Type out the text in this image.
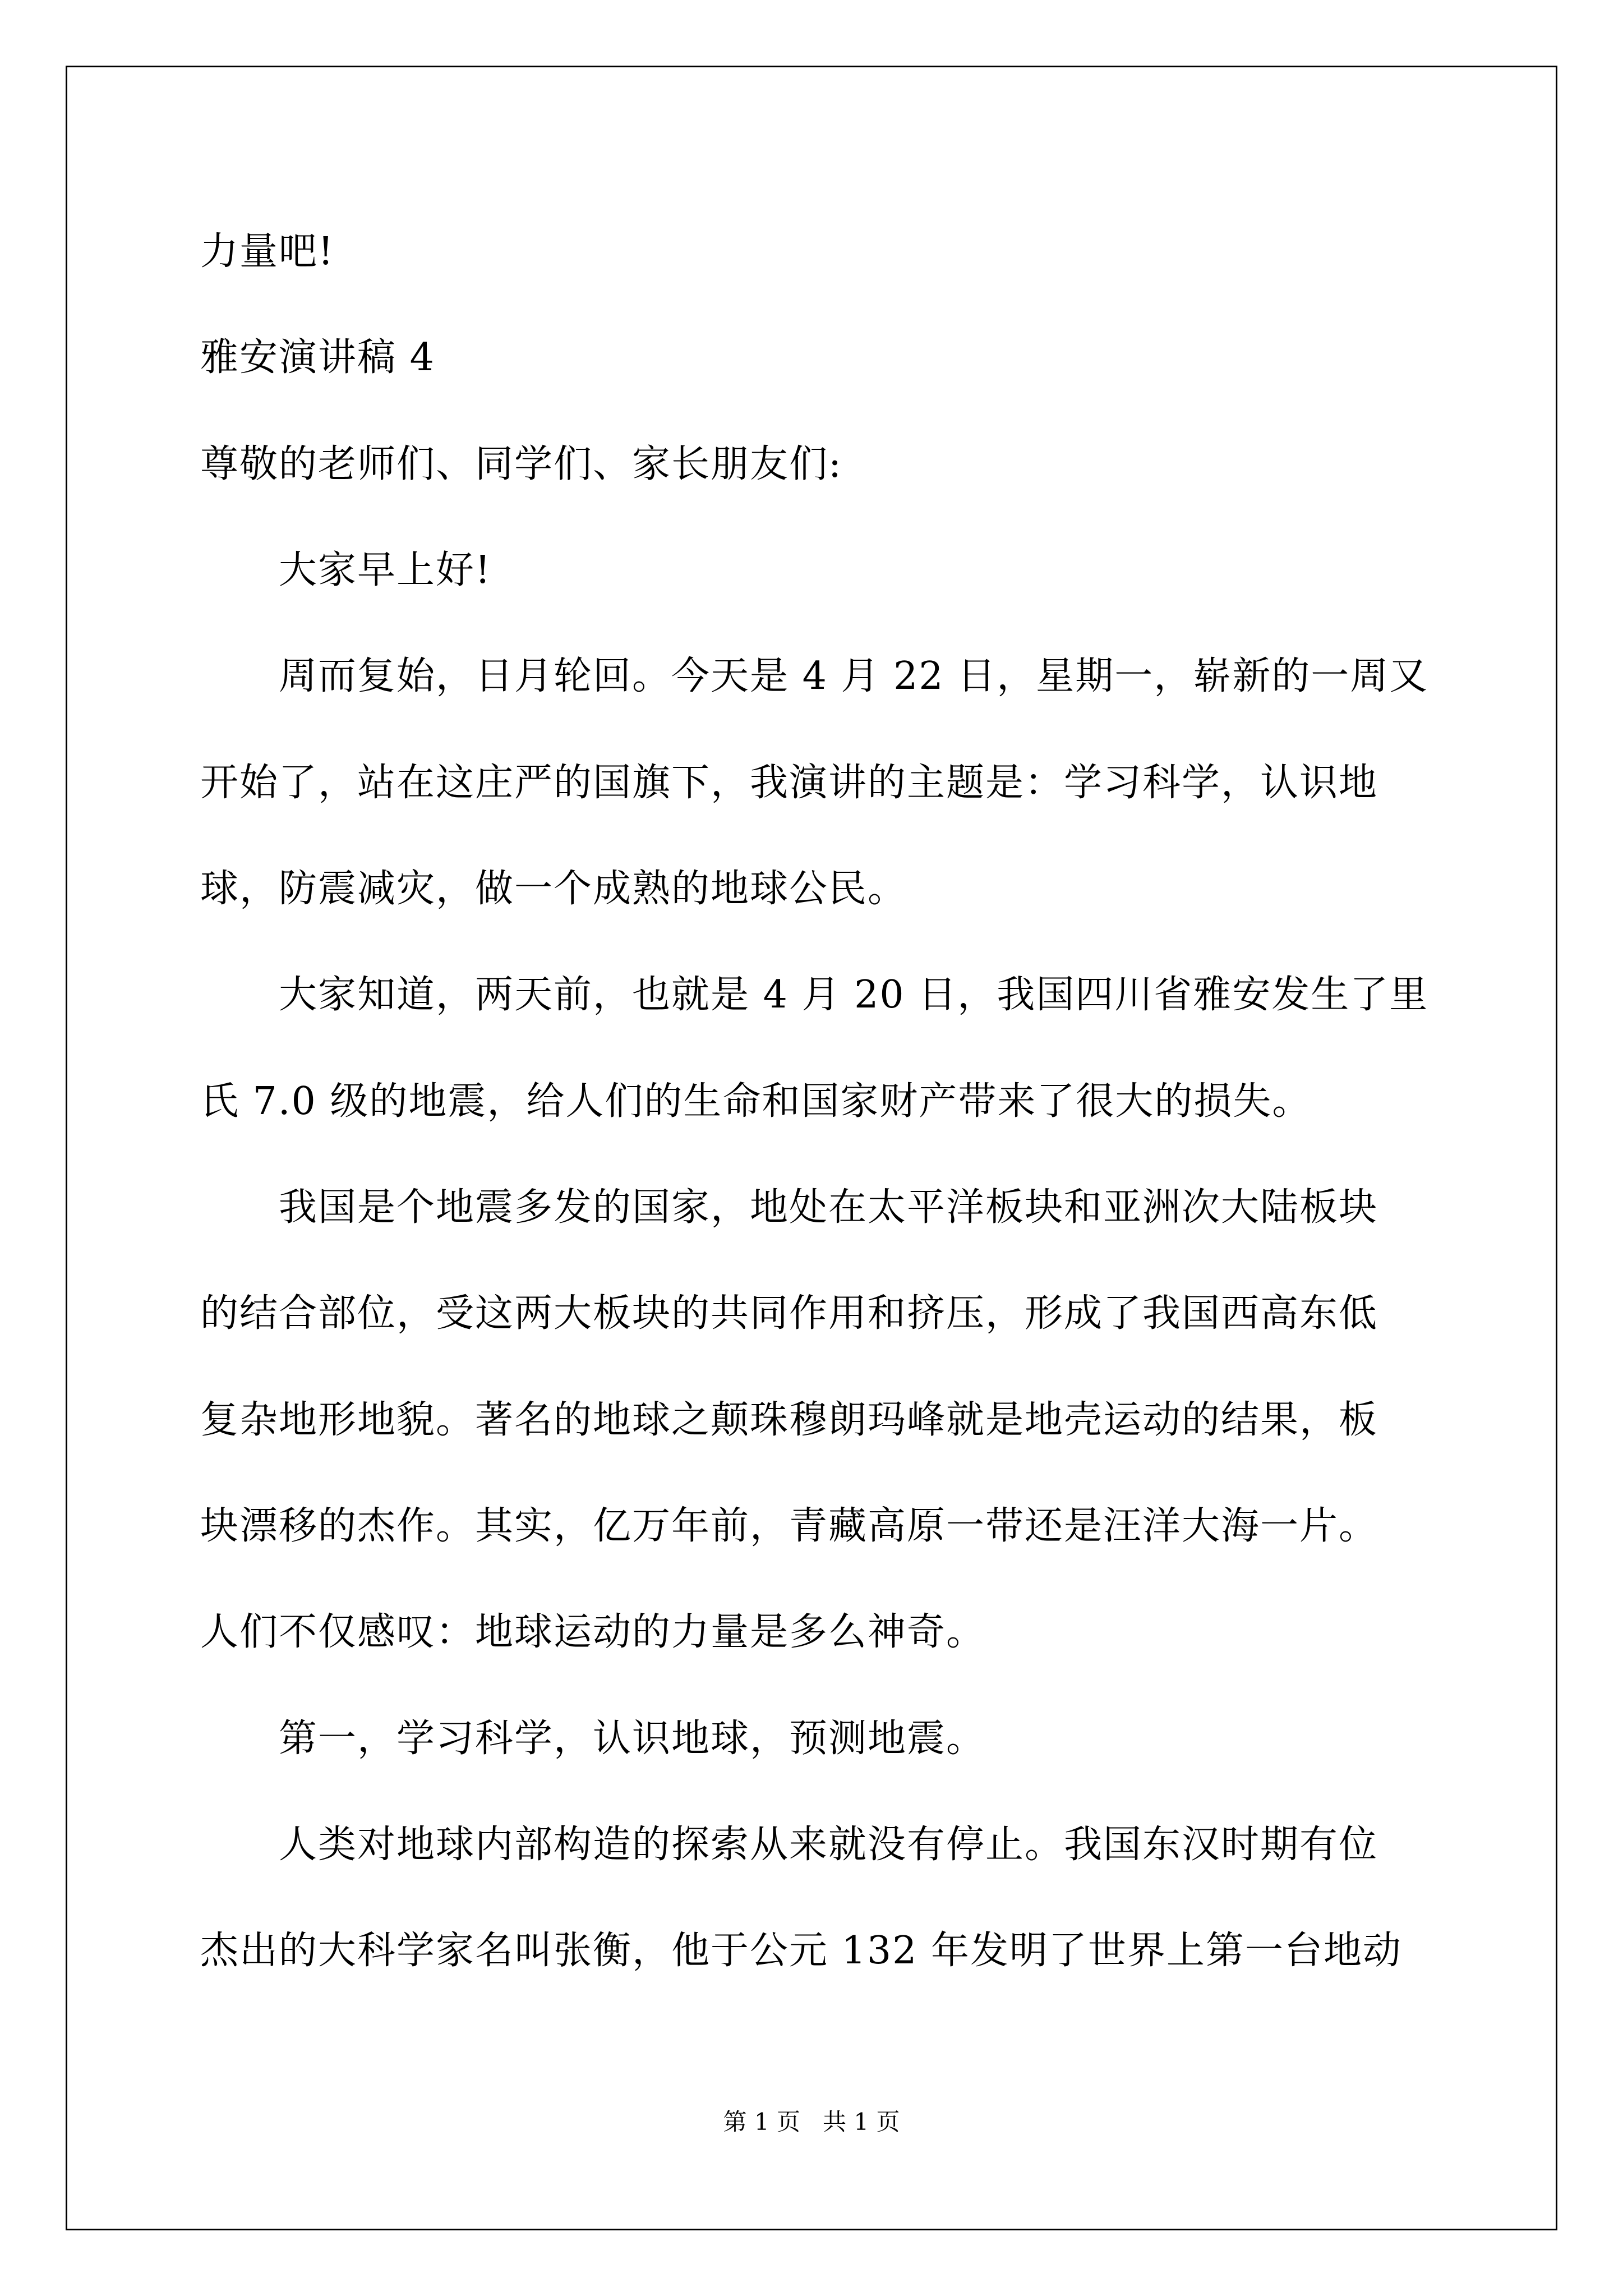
力量吧!
雅安演讲稿 4
尊敬的老师们、同学们、家长朋友们:
大家早上好!
周而复始，日月轮回。今天是 4 月 22 日，星期一，崭新的一周又
开始了，站在这庄严的国旗下，我演讲的主题是：学习科学，认识地
球，防震减灾，做一个成熟的地球公民。
大家知道，两天前，也就是 4 月 20 日，我国四川省雅安发生了里
氏 7.0 级的地震，给人们的生命和国家财产带来了很大的损失。
我国是个地震多发的国家，地处在太平洋板块和亚洲次大陆板块
的结合部位，受这两大板块的共同作用和挤压，形成了我国西高东低
复杂地形地貌。著名的地球之颠珠穆朗玛峰就是地壳运动的结果，板
块漂移的杰作。其实，亿万年前，青藏高原一带还是汪洋大海一片。
人们不仅感叹：地球运动的力量是多么神奇。
第一，学习科学，认识地球，预测地震。
人类对地球内部构造的探索从来就没有停止。我国东汉时期有位
杰出的大科学家名叫张衡，他于公元 132 年发明了世界上第一台地动
第 1 页   共 1 页
